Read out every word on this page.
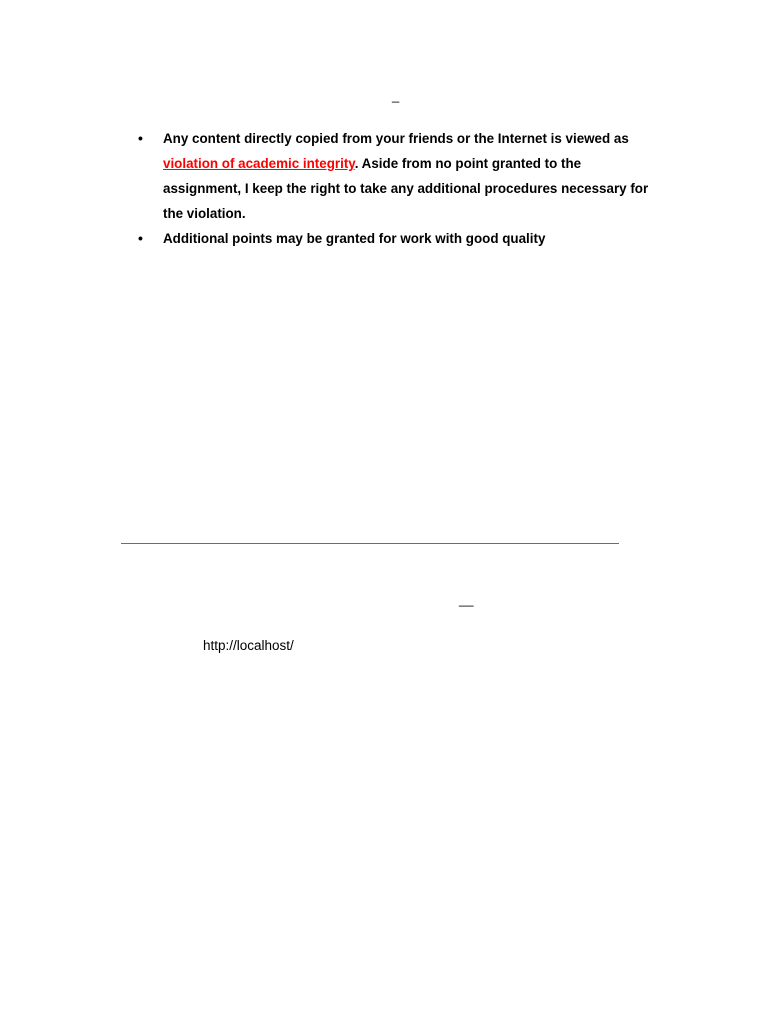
_
•	Any content directly copied from your friends or the Internet is viewed as violation of academic integrity. Aside from no point granted to the assignment, I keep the right to take any additional procedures necessary for the violation.
•	Additional points may be granted for work with good quality
__
http://localhost/
